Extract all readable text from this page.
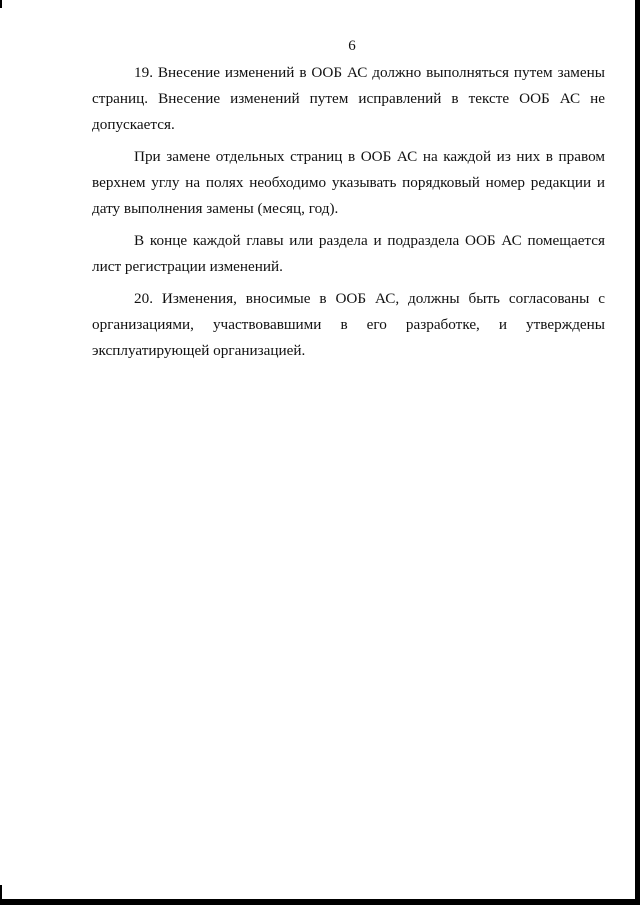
6

19. Внесение изменений в ООБ АС должно выполняться путем замены страниц. Внесение изменений путем исправлений в тексте ООБ АС не допускается.

При замене отдельных страниц в ООБ АС на каждой из них в правом верхнем углу на полях необходимо указывать порядковый номер редакции и дату выполнения замены (месяц, год).

В конце каждой главы или раздела и подраздела ООБ АС помещается лист регистрации изменений.

20. Изменения, вносимые в ООБ АС, должны быть согласованы с организациями, участвовавшими в его разработке, и утверждены эксплуатирующей организацией.
